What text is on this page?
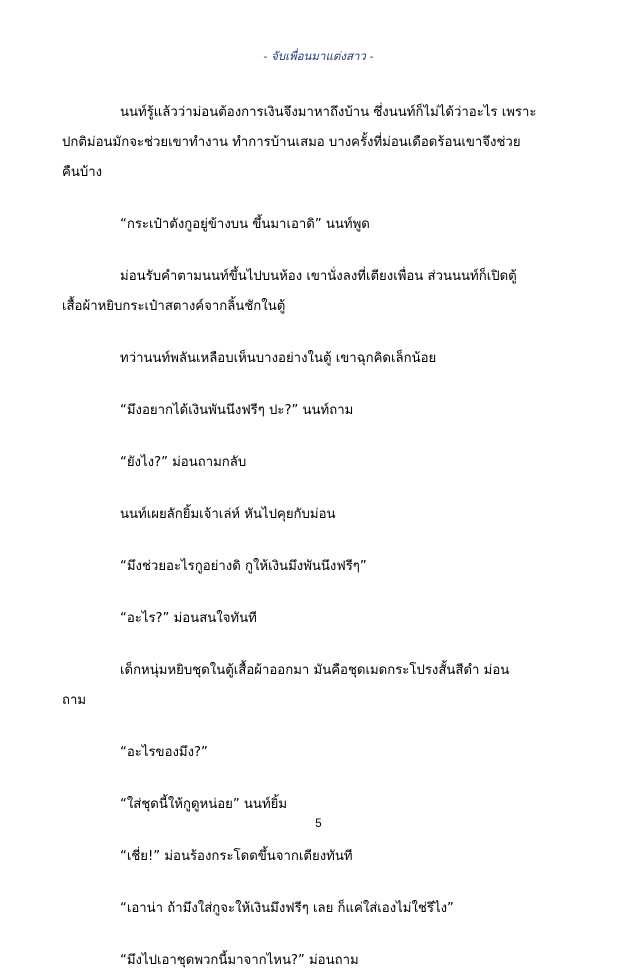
- จับเพื่อนมาแต่งสาว -
นนท์รู้แล้วว่าม่อนต้องการเงินจึงมาหาถึงบ้าน ซึ่งนนท์ก็ไม่ได้ว่าอะไร เพราะ
ปกติม่อนมักจะช่วยเขาทำงาน ทำการบ้านเสมอ บางครั้งที่ม่อนเดือดร้อนเขาจึงช่วย
คืนบ้าง
“กระเป๋าตังกูอยู่ข้างบน ขึ้นมาเอาดิ” นนท์พูด
ม่อนรับคำตามนนท์ขึ้นไปบนห้อง เขานั่งลงที่เตียงเพื่อน ส่วนนนท์ก็เปิดตู้
เสื้อผ้าหยิบกระเป๋าสตางค์จากลิ้นชักในตู้
ทว่านนท์พลันเหลือบเห็นบางอย่างในตู้ เขาฉุกคิดเล็กน้อย
“มึงอยากได้เงินพันนึงฟรีๆ ปะ?” นนท์ถาม
“ยังไง?” ม่อนถามกลับ
นนท์เผยลักยิ้มเจ้าเล่ห์ หันไปคุยกับม่อน
“มึงช่วยอะไรกูอย่างดิ กูให้เงินมึงพันนึงฟรีๆ”
“อะไร?” ม่อนสนใจทันที
เด็กหนุ่มหยิบชุดในตู้เสื้อผ้าออกมา มันคือชุดเมดกระโปรงสั้นสีดำ ม่อน
ถาม
“อะไรของมึง?”
“ใส่ชุดนี้ให้กูดูหน่อย” นนท์ยิ้ม
“เชี่ย!” ม่อนร้องกระโดดขึ้นจากเตียงทันที
“เอาน่า ถ้ามึงใส่กูจะให้เงินมึงฟรีๆ เลย ก็แค่ใส่เองไม่ใช่รึไง”
“มึงไปเอาชุดพวกนี้มาจากไหน?” ม่อนถาม
5
